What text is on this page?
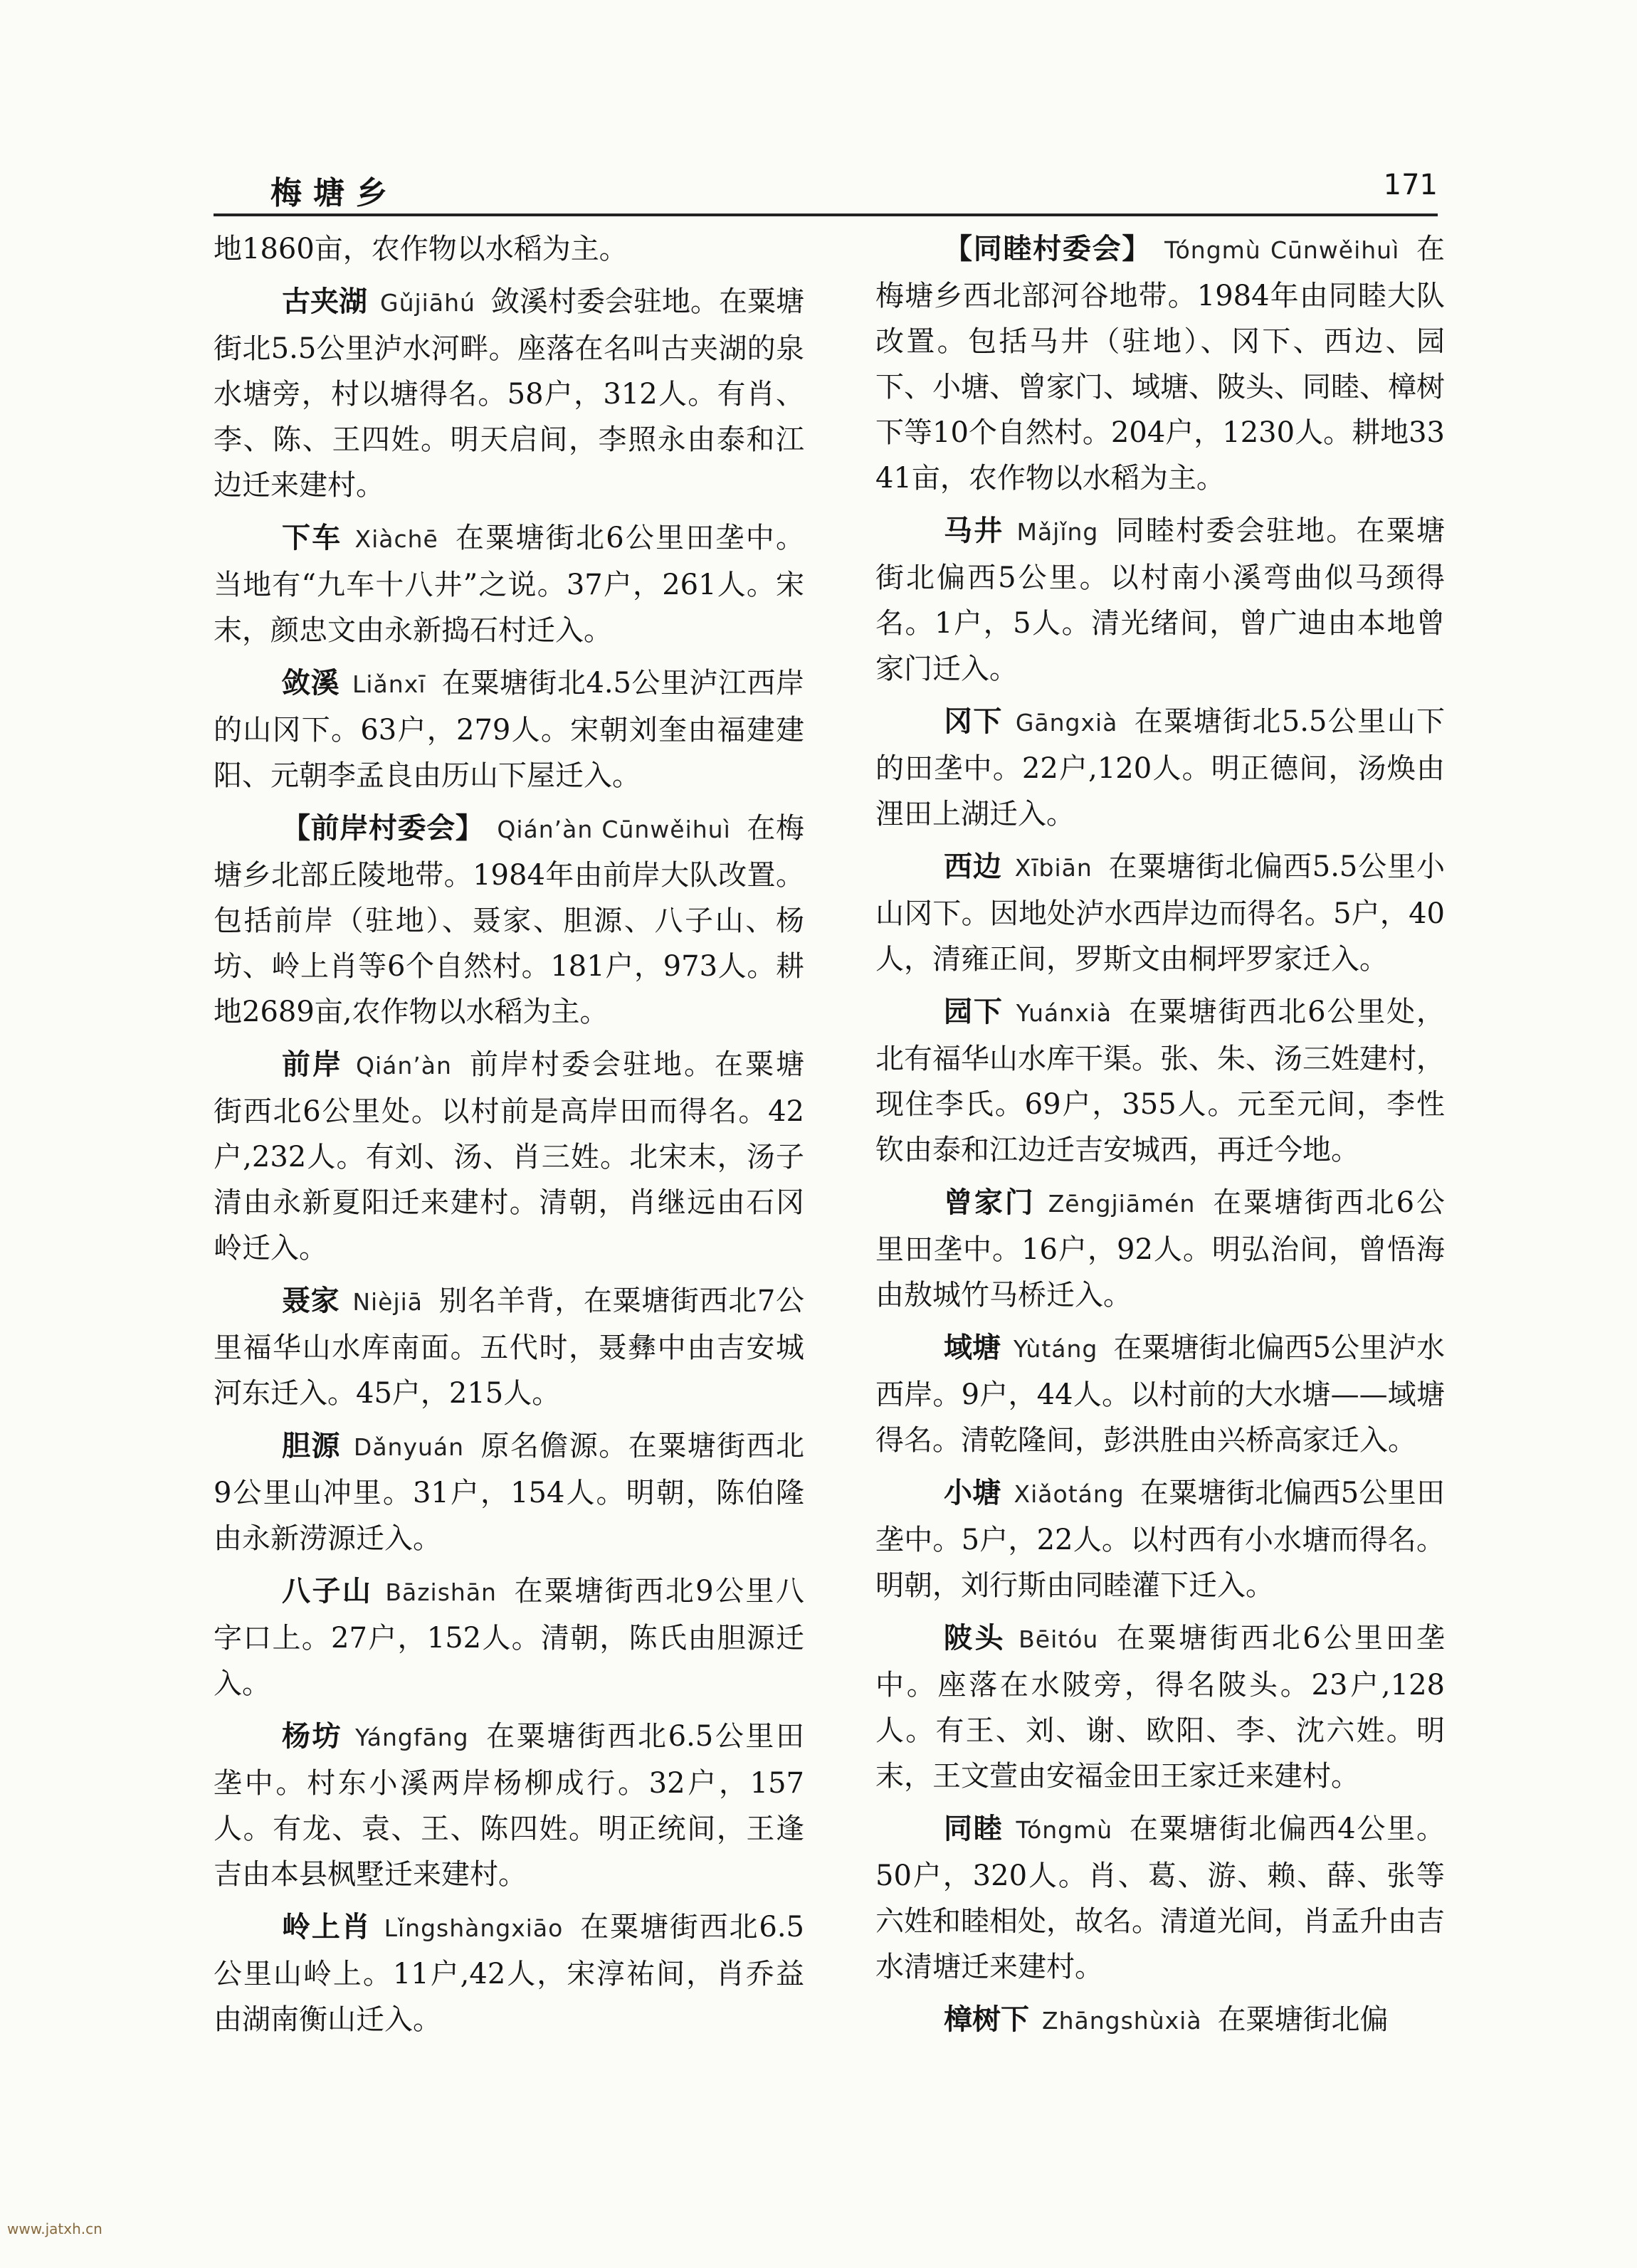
梅塘乡	171

地1860亩，农作物以水稻为主。

古夹湖 Gǔjiāhú 敛溪村委会驻地。在粟塘街北5.5公里泸水河畔。座落在名叫古夹湖的泉水塘旁，村以塘得名。58户，312人。有肖、李、陈、王四姓。明天启间，李照永由泰和江边迁来建村。

下车 Xiàchē 在粟塘街北6公里田垄中。当地有“九车十八井”之说。37户，261人。宋末，颜忠文由永新捣石村迁入。

敛溪 Liǎnxī 在粟塘街北4.5公里泸江西岸的山冈下。63户，279人。宋朝刘奎由福建建阳、元朝李孟良由历山下屋迁入。

【前岸村委会】 Qián’àn Cūnwěihuì 在梅塘乡北部丘陵地带。1984年由前岸大队改置。包括前岸（驻地）、聂家、胆源、八子山、杨坊、岭上肖等6个自然村。181户，973人。耕地2689亩,农作物以水稻为主。

前岸 Qián’àn 前岸村委会驻地。在粟塘街西北6公里处。以村前是高岸田而得名。42户,232人。有刘、汤、肖三姓。北宋末，汤子清由永新夏阳迁来建村。清朝，肖继远由石冈岭迁入。

聂家 Nièjiā 别名羊背，在粟塘街西北7公里福华山水库南面。五代时，聂彝中由吉安城河东迁入。45户，215人。

胆源 Dǎnyuán 原名儋源。在粟塘街西北9公里山冲里。31户，154人。明朝，陈伯隆由永新涝源迁入。

八子山 Bāzishān 在粟塘街西北9公里八字口上。27户，152人。清朝，陈氏由胆源迁入。

杨坊 Yángfāng 在粟塘街西北6.5公里田垄中。村东小溪两岸杨柳成行。32户，157人。有龙、袁、王、陈四姓。明正统间，王逢吉由本县枫墅迁来建村。

岭上肖 Lǐngshàngxiāo 在粟塘街西北6.5公里山岭上。11户,42人，宋淳祐间，肖乔益由湖南衡山迁入。

【同睦村委会】 Tóngmù Cūnwěihuì 在梅塘乡西北部河谷地带。1984年由同睦大队改置。包括马井（驻地）、冈下、西边、园下、小塘、曾家门、域塘、陂头、同睦、樟树下等10个自然村。204户，1230人。耕地3341亩，农作物以水稻为主。

马井 Mǎjǐng 同睦村委会驻地。在粟塘街北偏西5公里。以村南小溪弯曲似马颈得名。1户，5人。清光绪间，曾广迪由本地曾家门迁入。

冈下 Gāngxià 在粟塘街北5.5公里山下的田垄中。22户,120人。明正德间，汤焕由浬田上湖迁入。

西边 Xībiān 在粟塘街北偏西5.5公里小山冈下。因地处泸水西岸边而得名。5户，40人，清雍正间，罗斯文由桐坪罗家迁入。

园下 Yuánxià 在粟塘街西北6公里处，北有福华山水库干渠。张、朱、汤三姓建村，现住李氏。69户，355人。元至元间，李性钦由泰和江边迁吉安城西，再迁今地。

曾家门 Zēngjiāmén 在粟塘街西北6公里田垄中。16户，92人。明弘治间，曾悟海由敖城竹马桥迁入。

域塘 Yùtáng 在粟塘街北偏西5公里泸水西岸。9户，44人。以村前的大水塘——域塘得名。清乾隆间，彭洪胜由兴桥高家迁入。

小塘 Xiǎotáng 在粟塘街北偏西5公里田垄中。5户，22人。以村西有小水塘而得名。明朝，刘行斯由同睦灌下迁入。

陂头 Bēitóu 在粟塘街西北6公里田垄中。座落在水陂旁，得名陂头。23户,128人。有王、刘、谢、欧阳、李、沈六姓。明末，王文萱由安福金田王家迁来建村。

同睦 Tóngmù 在粟塘街北偏西4公里。50户，320人。肖、葛、游、赖、薛、张等六姓和睦相处，故名。清道光间，肖孟升由吉水清塘迁来建村。

樟树下 Zhāngshùxià 在粟塘街北偏

www.jatxh.cn
